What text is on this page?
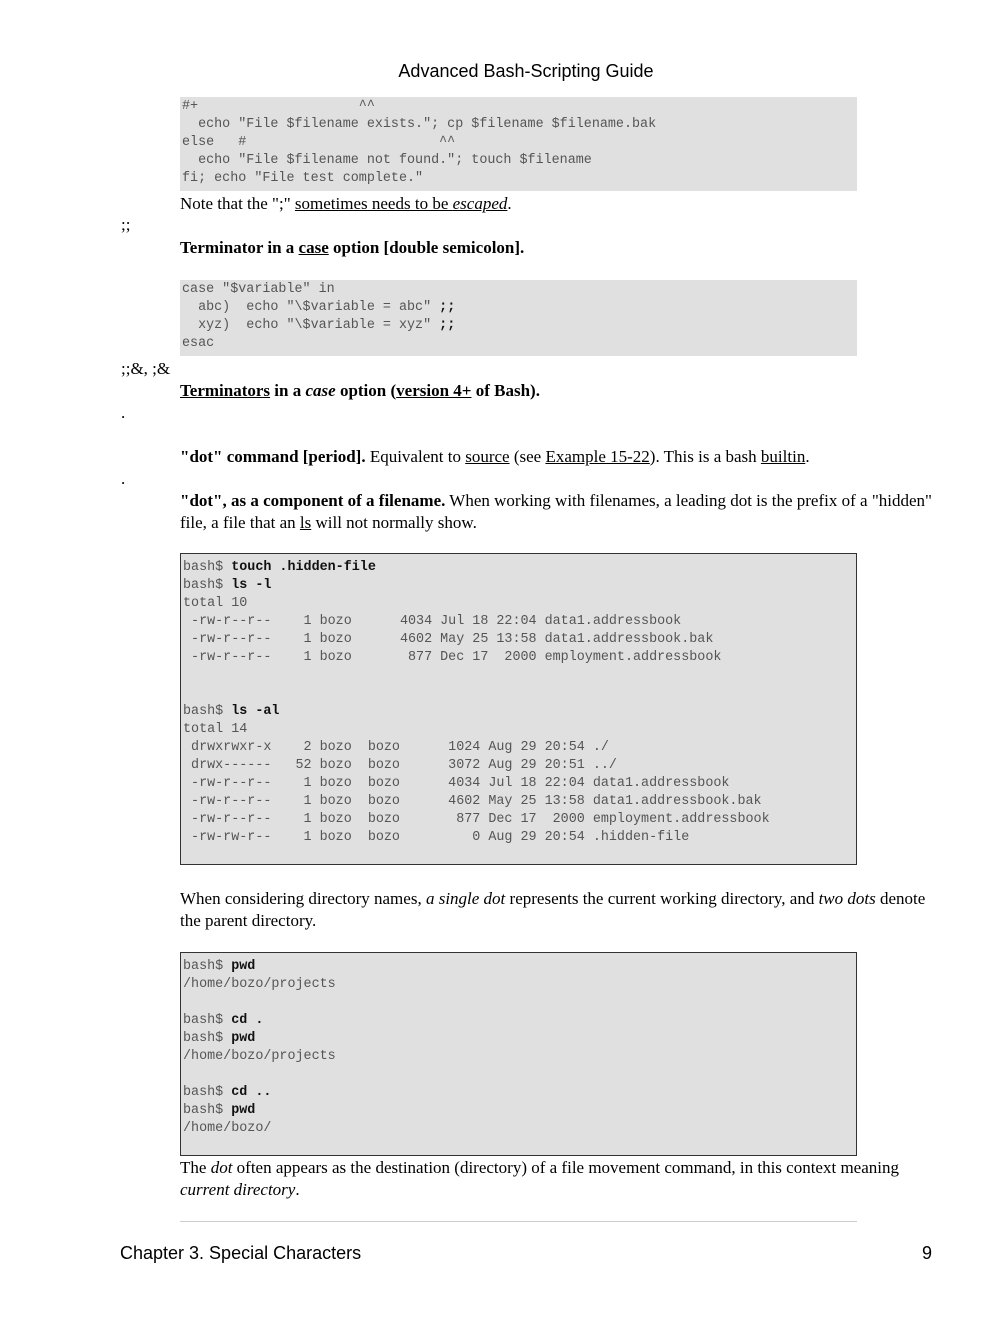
Advanced Bash-Scripting Guide
#+                    ^^
echo "File $filename exists."; cp $filename $filename.bak
else   #                        ^^
echo "File $filename not found."; touch $filename
fi; echo "File test complete."
Note that the ";" sometimes needs to be escaped.
;;
Terminator in a case option [double semicolon].
case "$variable" in
abc)  echo "\$variable = abc" ;;
xyz)  echo "\$variable = xyz" ;;
esac
;;&, ;&
Terminators in a case option (version 4+ of Bash).
.
"dot" command [period]. Equivalent to source (see Example 15-22). This is a bash builtin.
.
"dot", as a component of a filename. When working with filenames, a leading dot is the prefix of a "hidden" file, a file that an ls will not normally show.
bash$ touch .hidden-file
bash$ ls -l
total 10
-rw-r--r--    1 bozo      4034 Jul 18 22:04 data1.addressbook
-rw-r--r--    1 bozo      4602 May 25 13:58 data1.addressbook.bak
-rw-r--r--    1 bozo       877 Dec 17  2000 employment.addressbook

bash$ ls -al
total 14
drwxrwxr-x    2 bozo  bozo      1024 Aug 29 20:54 ./
drwx------   52 bozo  bozo      3072 Aug 29 20:51 ../
-rw-r--r--    1 bozo  bozo      4034 Jul 18 22:04 data1.addressbook
-rw-r--r--    1 bozo  bozo      4602 May 25 13:58 data1.addressbook.bak
-rw-r--r--    1 bozo  bozo       877 Dec 17  2000 employment.addressbook
-rw-rw-r--    1 bozo  bozo         0 Aug 29 20:54 .hidden-file
When considering directory names, a single dot represents the current working directory, and two dots denote the parent directory.
bash$ pwd
/home/bozo/projects

bash$ cd .
bash$ pwd
/home/bozo/projects

bash$ cd ..
bash$ pwd
/home/bozo/
The dot often appears as the destination (directory) of a file movement command, in this context meaning current directory.
Chapter 3. Special Characters	9
